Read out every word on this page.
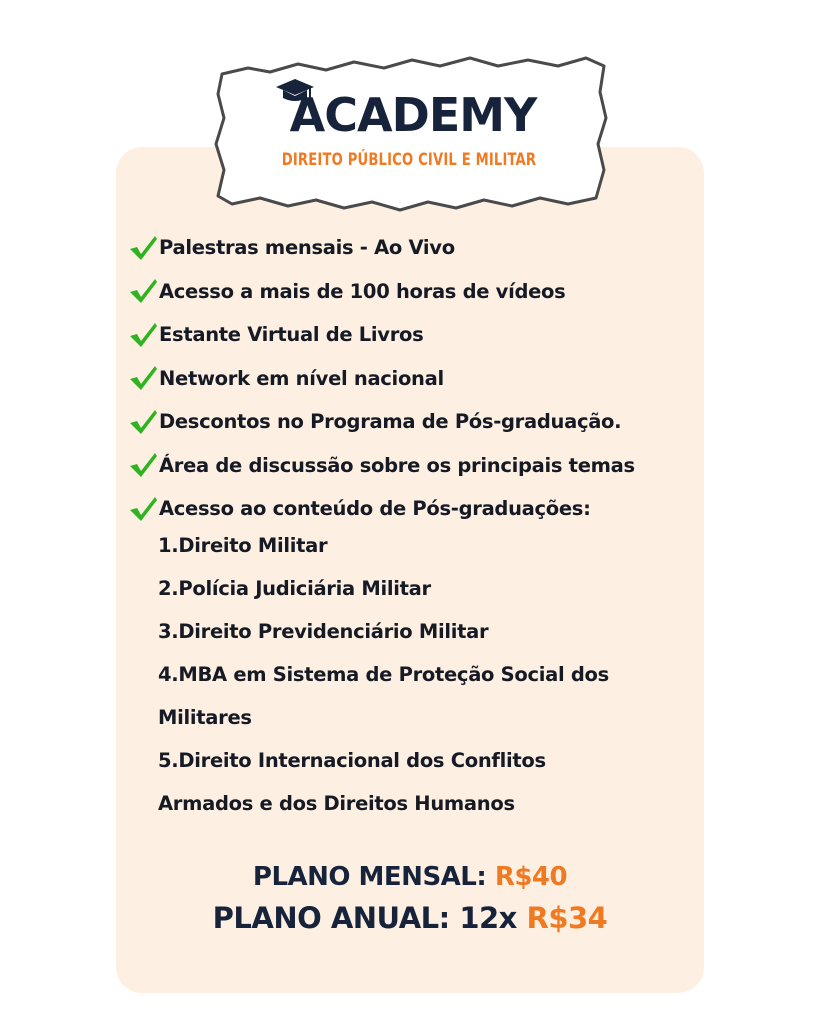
ACADEMY
DIREITO PÚBLICO CIVIL E MILITAR
Palestras mensais - Ao Vivo
Acesso a mais de 100 horas de vídeos
Estante Virtual de Livros
Network em nível nacional
Descontos no Programa de Pós-graduação.
Área de discussão sobre os principais temas
Acesso ao conteúdo de Pós-graduações:
1.Direito Militar
2.Polícia Judiciária Militar
3.Direito Previdenciário Militar
4.MBA em Sistema de Proteção Social dos
Militares
5.Direito Internacional dos Conflitos
Armados e dos Direitos Humanos
PLANO MENSAL: R$40
PLANO ANUAL: 12x R$34
